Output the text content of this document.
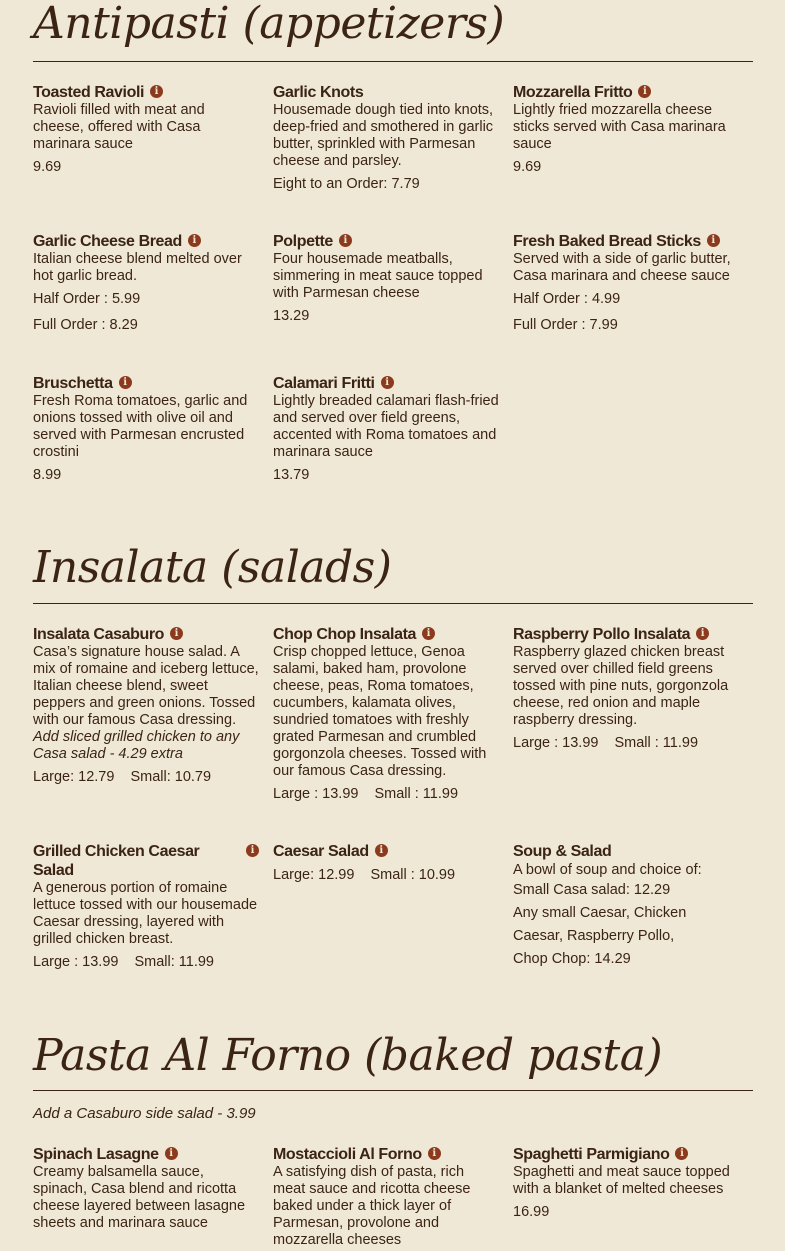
Antipasti (appetizers)
Toasted Ravioli	i
Ravioli filled with meat and cheese, offered with Casa marinara sauce
9.69
Garlic Knots
Housemade dough tied into knots, deep-fried and smothered in garlic butter, sprinkled with Parmesan cheese and parsley.
Eight to an Order: 7.79
Mozzarella Fritto	i
Lightly fried mozzarella cheese sticks served with Casa marinara sauce
9.69
Garlic Cheese Bread	i
Italian cheese blend melted over hot garlic bread.
Half Order : 5.99
Full Order : 8.29
Polpette	i
Four housemade meatballs, simmering in meat sauce topped with Parmesan cheese
13.29
Fresh Baked Bread Sticks	i
Served with a side of garlic butter, Casa marinara and cheese sauce
Half Order : 4.99
Full Order : 7.99
Bruschetta	i
Fresh Roma tomatoes, garlic and onions tossed with olive oil and served with Parmesan encrusted crostini
8.99
Calamari Fritti	i
Lightly breaded calamari flash-fried and served over field greens, accented with Roma tomatoes and marinara sauce
13.79
Insalata (salads)
Insalata Casaburo	i
Casa’s signature house salad. A mix of romaine and iceberg lettuce, Italian cheese blend, sweet peppers and green onions. Tossed with our famous Casa dressing. Add sliced grilled chicken to any Casa salad - 4.29 extra
Large: 12.79 Small: 10.79
Chop Chop Insalata	i
Crisp chopped lettuce, Genoa salami, baked ham, provolone cheese, peas, Roma tomatoes, cucumbers, kalamata olives, sundried tomatoes with freshly grated Parmesan and crumbled gorgonzola cheeses. Tossed with our famous Casa dressing.
Large : 13.99 Small : 11.99
Raspberry Pollo Insalata	i
Raspberry glazed chicken breast served over chilled field greens tossed with pine nuts, gorgonzola cheese, red onion and maple raspberry dressing.
Large : 13.99 Small : 11.99
Grilled Chicken Caesar Salad
i
A generous portion of romaine lettuce tossed with our housemade Caesar dressing, layered with grilled chicken breast.
Large : 13.99 Small: 11.99
Caesar Salad	i
Large: 12.99 Small : 10.99
Soup & Salad
A bowl of soup and choice of:
Small Casa salad: 12.29
Any small Caesar, Chicken
Caesar, Raspberry Pollo,
Chop Chop: 14.29
Pasta Al Forno (baked pasta)
Add a Casaburo side salad - 3.99
Spinach Lasagne	i
Creamy balsamella sauce, spinach, Casa blend and ricotta cheese layered between lasagne sheets and marinara sauce
Mostaccioli Al Forno	i
A satisfying dish of pasta, rich meat sauce and ricotta cheese baked under a thick layer of Parmesan, provolone and mozzarella cheeses
Spaghetti Parmigiano	i
Spaghetti and meat sauce topped with a blanket of melted cheeses
16.99
